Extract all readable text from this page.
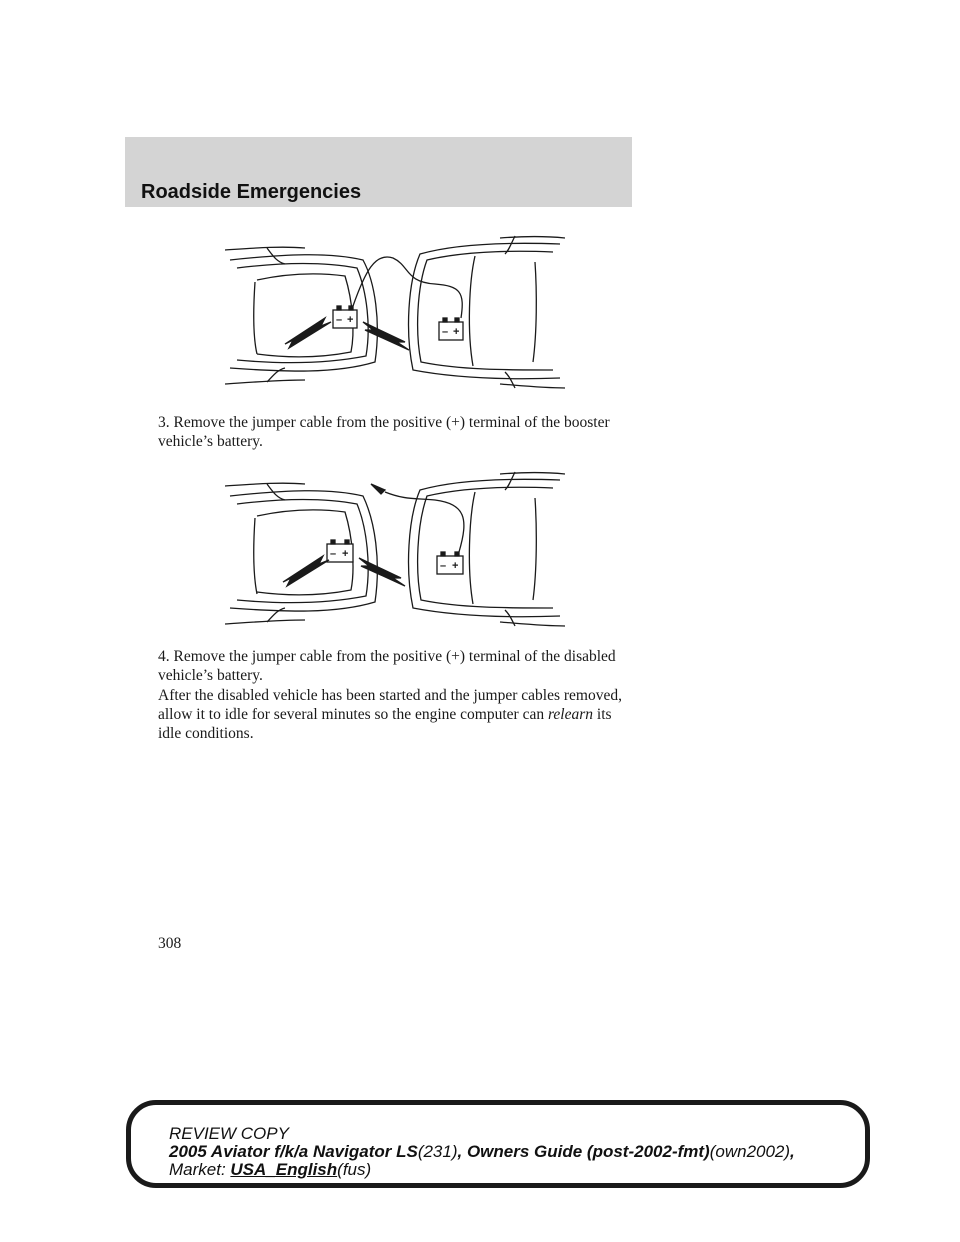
Roadside Emergencies
– +
– +

3. Remove the jumper cable from the positive (+) terminal of the booster vehicle’s battery.

– +
– +

4. Remove the jumper cable from the positive (+) terminal of the disabled vehicle’s battery.

After the disabled vehicle has been started and the jumper cables removed, allow it to idle for several minutes so the engine computer can relearn its idle conditions.

308

REVIEW COPY
2005 Aviator f/k/a Navigator LS(231), Owners Guide (post-2002-fmt)(own2002),
Market: USA_English(fus)
